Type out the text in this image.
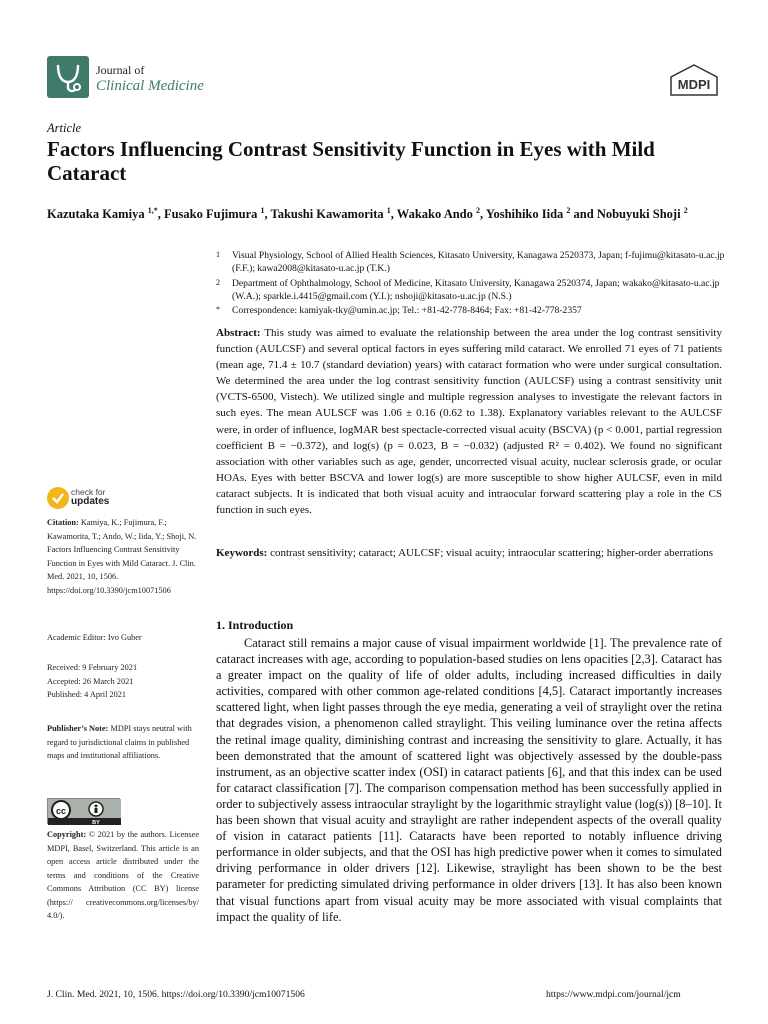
Journal of
Clinical Medicine	MDPI
Article
Factors Influencing Contrast Sensitivity Function in Eyes with Mild Cataract
Kazutaka Kamiya $^{1,*}$, Fusako Fujimura $^1$, Takushi Kawamorita $^1$, Wakako Ando $^2$, Yoshihiko Iida $^2$ and Nobuyuki Shoji $^2$
1	Visual Physiology, School of Allied Health Sciences, Kitasato University, Kanagawa 2520373, Japan; f-fujimu@kitasato-u.ac.jp (F.F.); kawa2008@kitasato-u.ac.jp (T.K.)
2	Department of Ophthalmology, School of Medicine, Kitasato University, Kanagawa 2520374, Japan; wakako@kitasato-u.ac.jp (W.A.); sparkle.i.4415@gmail.com (Y.I.); nshoji@kitasato-u.ac.jp (N.S.)
*	Correspondence: kamiyak-tky@umin.ac.jp; Tel.: +81-42-778-8464; Fax: +81-42-778-2357
Abstract: This study was aimed to evaluate the relationship between the area under the log contrast sensitivity function (AULCSF) and several optical factors in eyes suffering mild cataract. We enrolled 71 eyes of 71 patients (mean age, 71.4 ± 10.7 (standard deviation) years) with cataract formation who were under surgical consultation. We determined the area under the log contrast sensitivity function (AULCSF) using a contrast sensitivity unit (VCTS-6500, Vistech). We utilized single and multiple regression analyses to investigate the relevant factors in such eyes. The mean AULSCF was 1.06 ± 0.16 (0.62 to 1.38). Explanatory variables relevant to the AULCSF were, in order of influence, logMAR best spectacle-corrected visual acuity (BSCVA) (p < 0.001, partial regression coefficient B = −0.372), and log(s) (p = 0.023, B = −0.032) (adjusted R² = 0.402). We found no significant association with other variables such as age, gender, uncorrected visual acuity, nuclear sclerosis grade, or ocular HOAs. Eyes with better BSCVA and lower log(s) are more susceptible to show higher AULCSF, even in mild cataract subjects. It is indicated that both visual acuity and intraocular forward scattering play a role in the CS function in such eyes.
Keywords: contrast sensitivity; cataract; AULCSF; visual acuity; intraocular scattering; higher-order aberrations
check for
updates
Citation: Kamiya, K.; Fujimura, F.; Kawamorita, T.; Ando, W.; Iida, Y.; Shoji, N. Factors Influencing Contrast Sensitivity Function in Eyes with Mild Cataract. J. Clin. Med. 2021, 10, 1506. https://doi.org/10.3390/jcm10071506
Academic Editor: Ivo Guber
Received: 9 February 2021
Accepted: 26 March 2021
Published: 4 April 2021
Publisher’s Note: MDPI stays neutral with regard to jurisdictional claims in published maps and institutional affiliations.
cc
BY
Copyright: © 2021 by the authors. Licensee MDPI, Basel, Switzerland. This article is an open access article distributed under the terms and conditions of the Creative Commons Attribution (CC BY) license (https:// creativecommons.org/licenses/by/ 4.0/).
1. Introduction
Cataract still remains a major cause of visual impairment worldwide [1]. The prevalence rate of cataract increases with age, according to population-based studies on lens opacities [2,3]. Cataract has a greater impact on the quality of life of older adults, including increased difficulties in daily activities, compared with other common age-related conditions [4,5]. Cataract importantly increases scattered light, when light passes through the eye media, generating a veil of straylight over the retina that degrades vision, a phenomenon called straylight. This veiling luminance over the retina affects the retinal image quality, diminishing contrast and increasing the sensitivity to glare. Actually, it has been demonstrated that the amount of scattered light was objectively assessed by the double-pass instrument, as an objective scatter index (OSI) in cataract patients [6], and that this index can be used for cataract classification [7]. The comparison compensation method has been successfully applied in order to subjectively assess intraocular straylight by the logarithmic straylight value (log(s)) [8–10]. It has been shown that visual acuity and straylight are rather independent aspects of the overall quality of vision in cataract patients [11]. Cataracts have been reported to notably influence driving performance in older subjects, and that the OSI has high predictive power when it comes to simulated driving performance in older drivers [12]. Likewise, straylight has been shown to be the best parameter for predicting simulated driving performance in older drivers [13]. It has also been known that visual functions apart from visual acuity may be more associated with visual complaints that impact the quality of life.
J. Clin. Med. 2021, 10, 1506. https://doi.org/10.3390/jcm10071506	https://www.mdpi.com/journal/jcm
